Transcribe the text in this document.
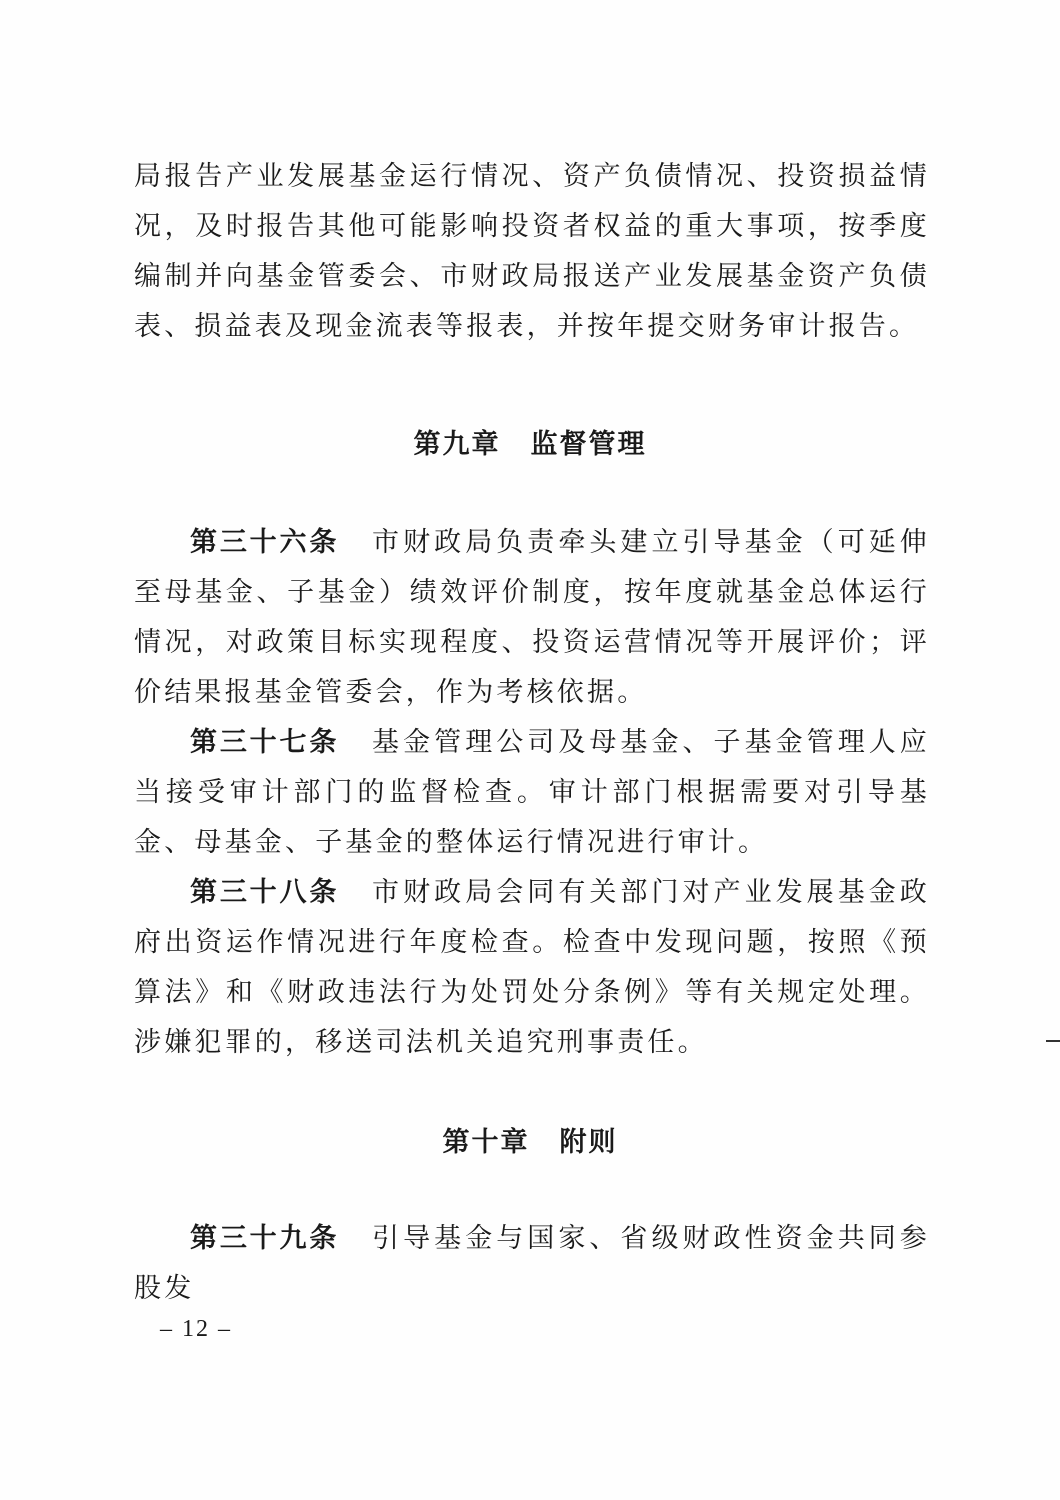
局报告产业发展基金运行情况、资产负债情况、投资损益情况，及时报告其他可能影响投资者权益的重大事项，按季度编制并向基金管委会、市财政局报送产业发展基金资产负债表、损益表及现金流表等报表，并按年提交财务审计报告。

第九章 监督管理

第三十六条 市财政局负责牵头建立引导基金（可延伸至母基金、子基金）绩效评价制度，按年度就基金总体运行情况，对政策目标实现程度、投资运营情况等开展评价；评价结果报基金管委会，作为考核依据。

第三十七条 基金管理公司及母基金、子基金管理人应当接受审计部门的监督检查。审计部门根据需要对引导基金、母基金、子基金的整体运行情况进行审计。

第三十八条 市财政局会同有关部门对产业发展基金政府出资运作情况进行年度检查。检查中发现问题，按照《预算法》和《财政违法行为处罚处分条例》等有关规定处理。涉嫌犯罪的，移送司法机关追究刑事责任。

第十章 附则

第三十九条 引导基金与国家、省级财政性资金共同参股发

– 12 –
